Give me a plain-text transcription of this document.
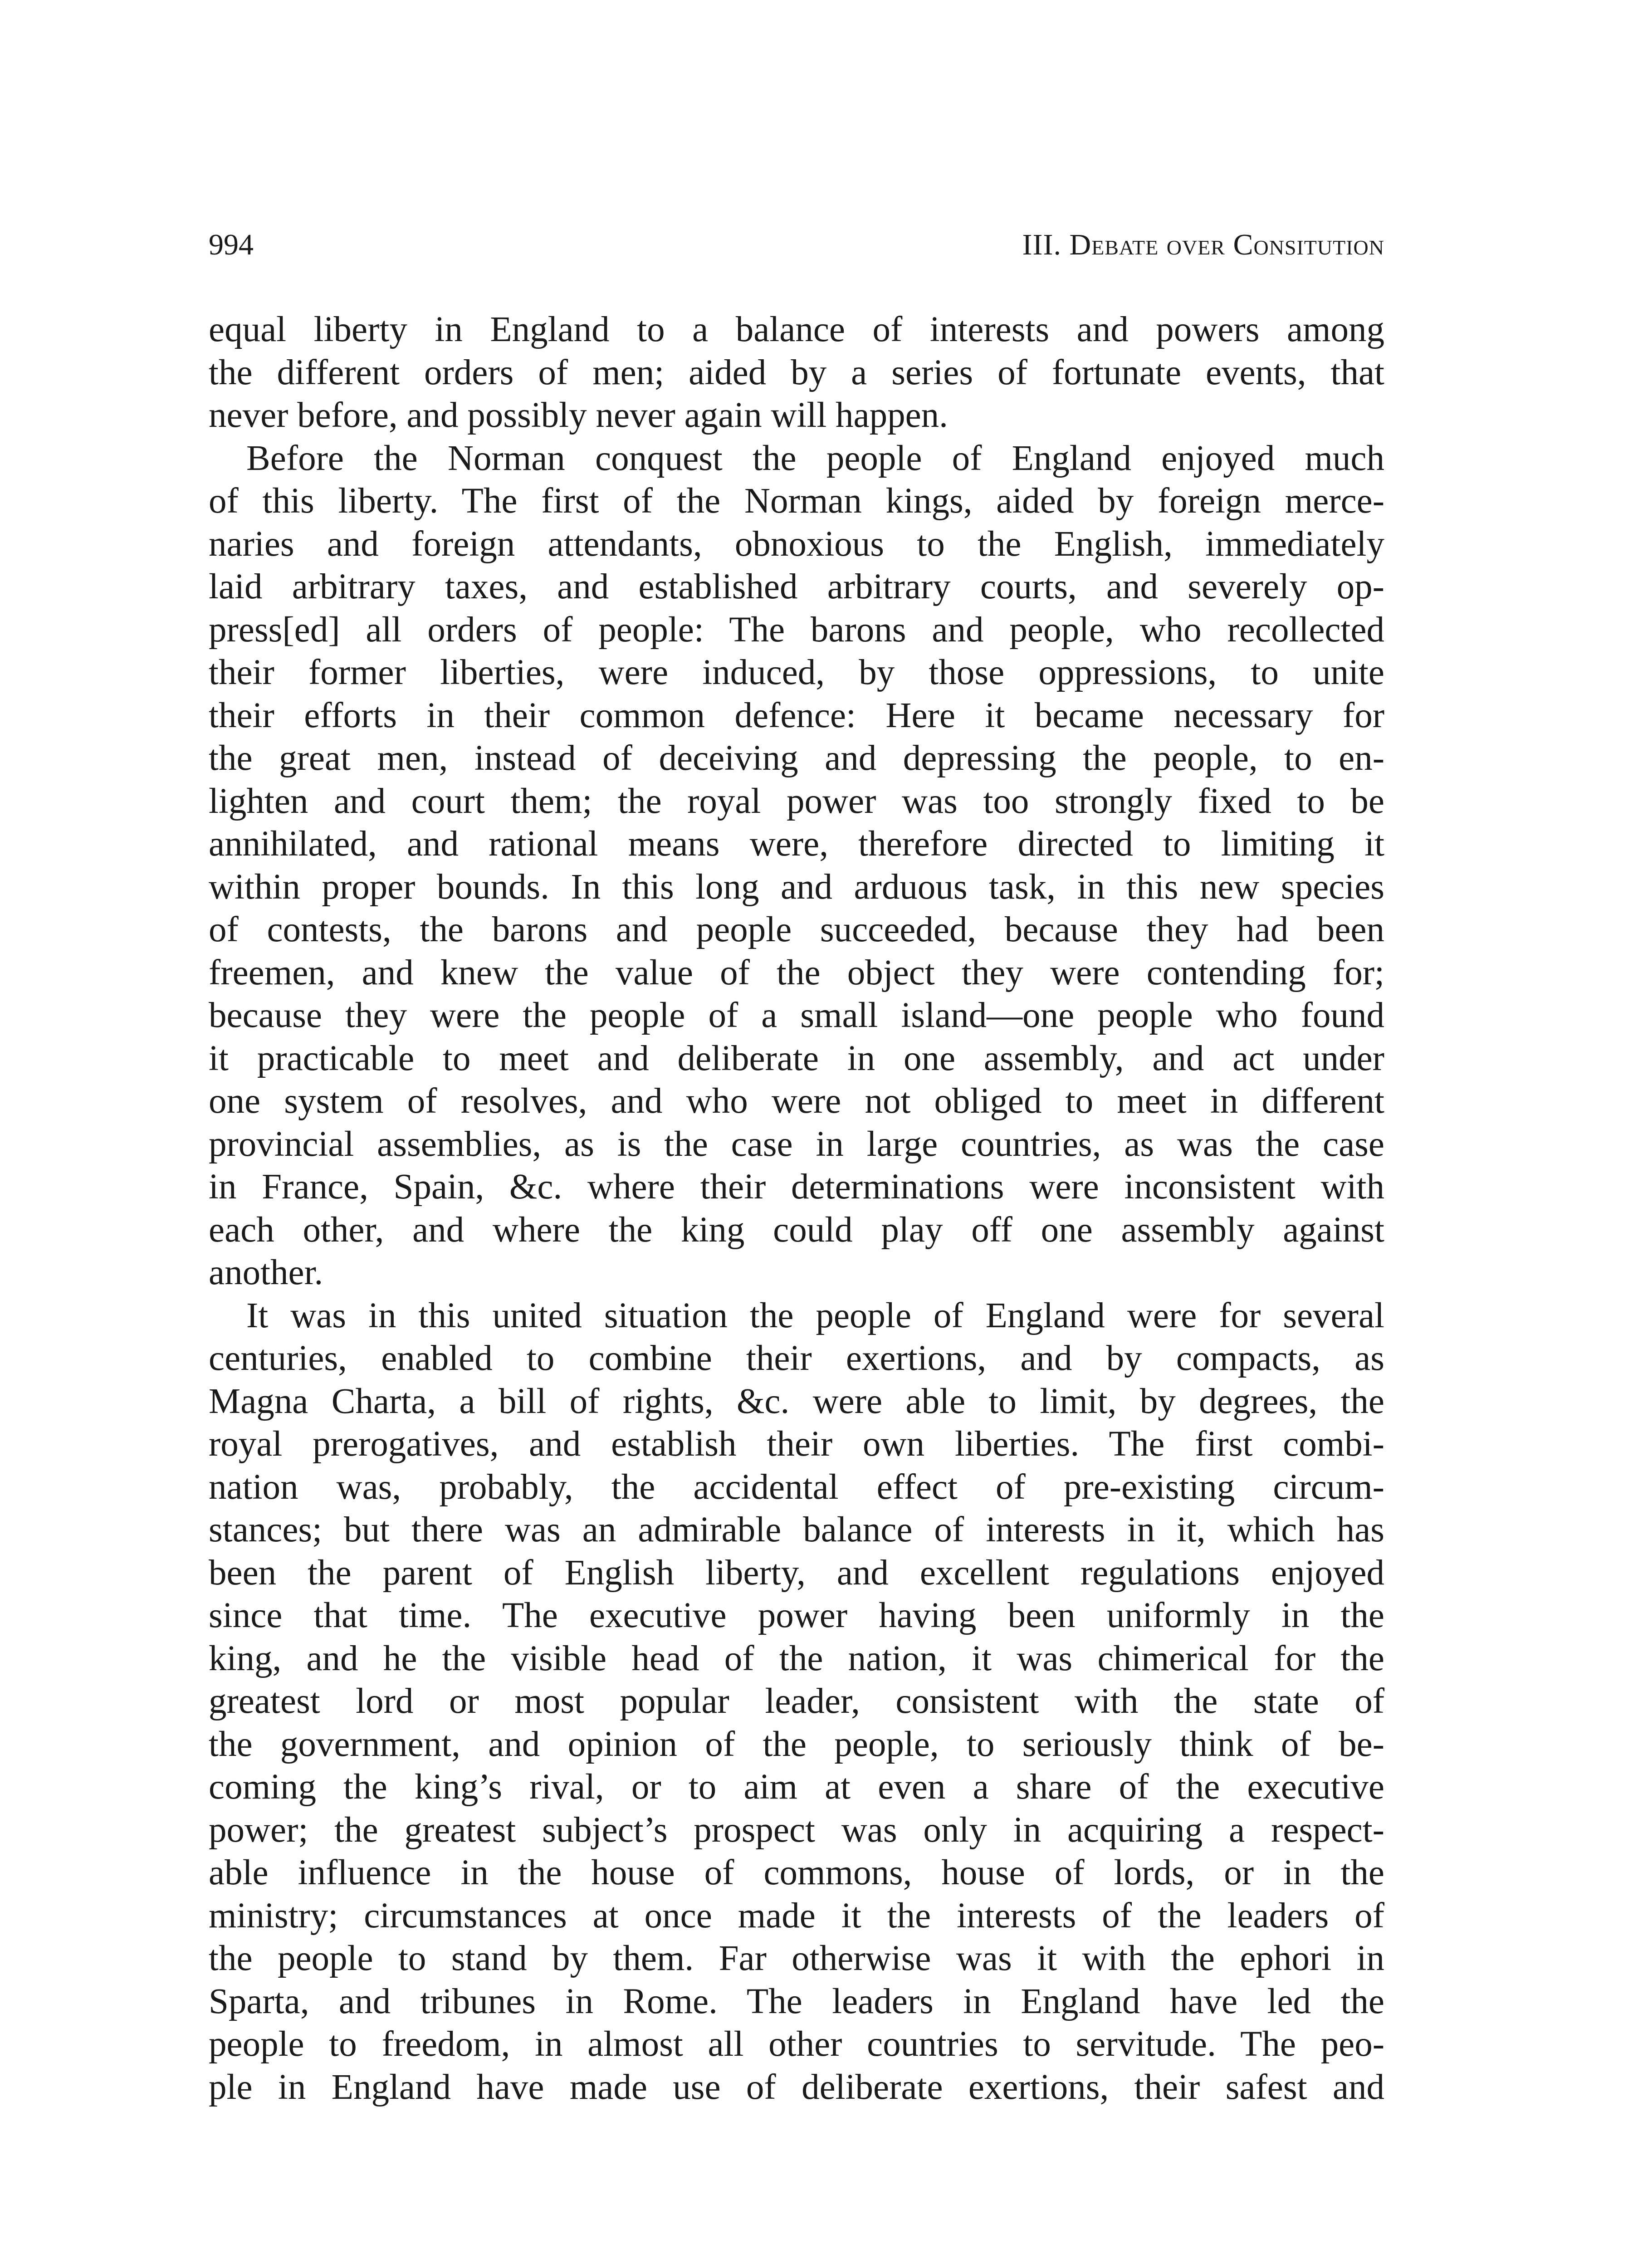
994	III. Debate over Consitution
equal liberty in England to a balance of interests and powers among
the different orders of men; aided by a series of fortunate events, that
never before, and possibly never again will happen.
Before the Norman conquest the people of England enjoyed much
of this liberty. The first of the Norman kings, aided by foreign merce-
naries and foreign attendants, obnoxious to the English, immediately
laid arbitrary taxes, and established arbitrary courts, and severely op-
press[ed] all orders of people: The barons and people, who recollected
their former liberties, were induced, by those oppressions, to unite
their efforts in their common defence: Here it became necessary for
the great men, instead of deceiving and depressing the people, to en-
lighten and court them; the royal power was too strongly fixed to be
annihilated, and rational means were, therefore directed to limiting it
within proper bounds. In this long and arduous task, in this new species
of contests, the barons and people succeeded, because they had been
freemen, and knew the value of the object they were contending for;
because they were the people of a small island—one people who found
it practicable to meet and deliberate in one assembly, and act under
one system of resolves, and who were not obliged to meet in different
provincial assemblies, as is the case in large countries, as was the case
in France, Spain, &c. where their determinations were inconsistent with
each other, and where the king could play off one assembly against
another.
It was in this united situation the people of England were for several
centuries, enabled to combine their exertions, and by compacts, as
Magna Charta, a bill of rights, &c. were able to limit, by degrees, the
royal prerogatives, and establish their own liberties. The first combi-
nation was, probably, the accidental effect of pre-existing circum-
stances; but there was an admirable balance of interests in it, which has
been the parent of English liberty, and excellent regulations enjoyed
since that time. The executive power having been uniformly in the
king, and he the visible head of the nation, it was chimerical for the
greatest lord or most popular leader, consistent with the state of
the government, and opinion of the people, to seriously think of be-
coming the king’s rival, or to aim at even a share of the executive
power; the greatest subject’s prospect was only in acquiring a respect-
able influence in the house of commons, house of lords, or in the
ministry; circumstances at once made it the interests of the leaders of
the people to stand by them. Far otherwise was it with the ephori in
Sparta, and tribunes in Rome. The leaders in England have led the
people to freedom, in almost all other countries to servitude. The peo-
ple in England have made use of deliberate exertions, their safest and
